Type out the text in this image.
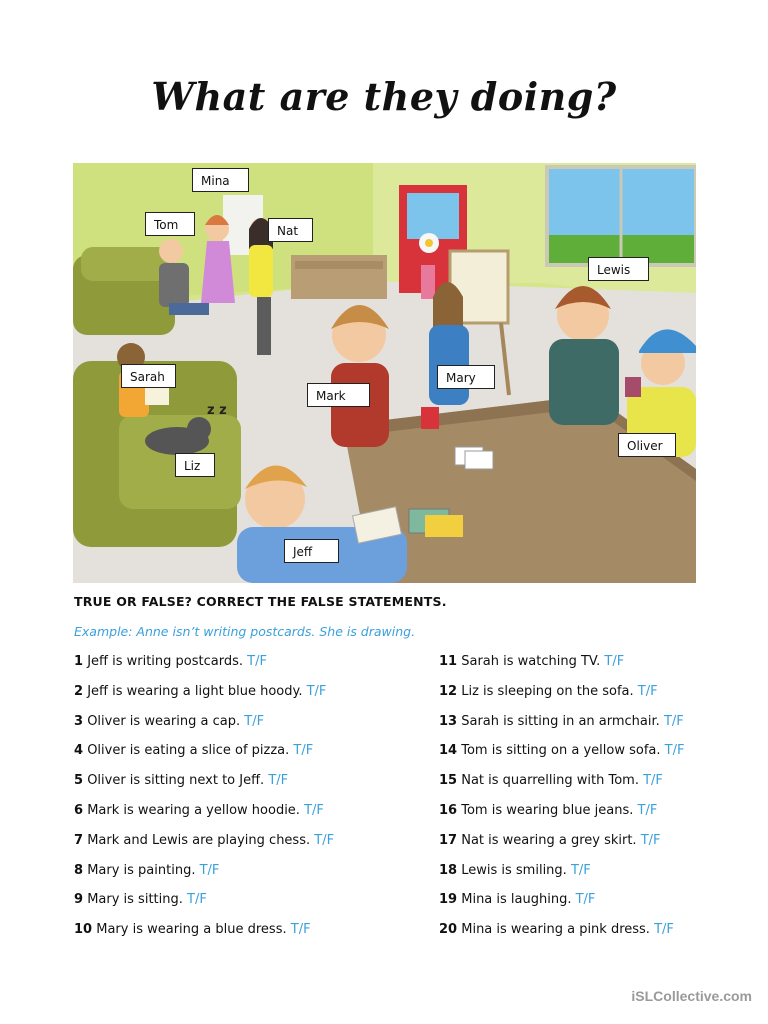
What are they doing?
Mina
Tom	Nat
Lewis
Sarah
Mark
Mary
Oliver
Liz
Jeff
z z
TRUE OR FALSE? CORRECT THE FALSE STATEMENTS.
Example: Anne isn’t writing postcards. She is drawing.
1 Jeff is writing postcards. T/F
2 Jeff is wearing a light blue hoody. T/F
3 Oliver is wearing a cap. T/F
4 Oliver is eating a slice of pizza. T/F
5 Oliver is sitting next to Jeff. T/F
6 Mark is wearing a yellow hoodie. T/F
7 Mark and Lewis are playing chess. T/F
8 Mary is painting. T/F
9 Mary is sitting. T/F
10 Mary is wearing a blue dress. T/F
11 Sarah is watching TV. T/F
12 Liz is sleeping on the sofa. T/F
13 Sarah is sitting in an armchair. T/F
14 Tom is sitting on a yellow sofa. T/F
15 Nat is quarrelling with Tom. T/F
16 Tom is wearing blue jeans. T/F
17 Nat is wearing a grey skirt. T/F
18 Lewis is smiling. T/F
19 Mina is laughing. T/F
20 Mina is wearing a pink dress. T/F
iSLCollective.com
